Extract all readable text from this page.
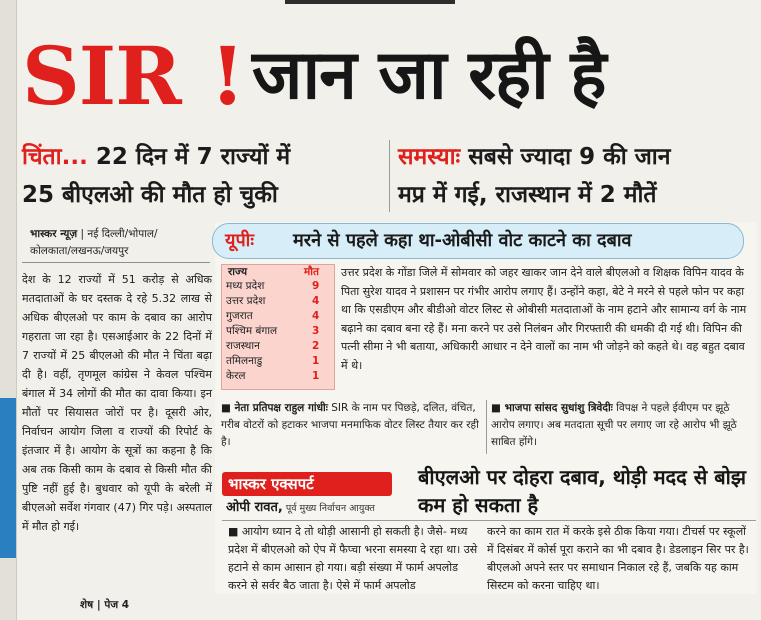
SIR ! जान जा रही है
चिंता... 22 दिन में 7 राज्यों में
25 बीएलओ की मौत हो चुकी
समस्याः सबसे ज्यादा 9 की जान
मप्र में गई, राजस्थान में 2 मौतें
भास्कर न्यूज़ | नई दिल्ली/भोपाल/
कोलकाता/लखनऊ/जयपुर
देश के 12 राज्यों में 51 करोड़ से अधिक मतदाताओं के घर दस्तक दे रहे 5.32 लाख से अधिक बीएलओ पर काम के दबाव का आरोप गहराता जा रहा है। एसआईआर के 22 दिनों में 7 राज्यों में 25 बीएलओ की मौत ने चिंता बढ़ा दी है। वहीं, तृणमूल कांग्रेस ने केवल पश्चिम बंगाल में 34 लोगों की मौत का दावा किया। इन मौतों पर सियासत जोरों पर है। दूसरी ओर, निर्वाचन आयोग जिला व राज्यों की रिपोर्ट के इंतजार में है। आयोग के सूत्रों का कहना है कि अब तक किसी काम के दबाव से किसी मौत की पुष्टि नहीं हुई है। बुधवार को यूपी के बरेली में बीएलओ सर्वेश गंगवार (47) गिर पड़े। अस्पताल में मौत हो गई।
शेष | पेज 4
यूपीः मरने से पहले कहा था-ओबीसी वोट काटने का दबाव
राज्य	मौत
मध्य प्रदेश	9
उत्तर प्रदेश	4
गुजरात	4
पश्चिम बंगाल	3
राजस्थान	2
तमिलनाडु	1
केरल	1
उत्तर प्रदेश के गोंडा जिले में सोमवार को जहर खाकर जान देने वाले बीएलओ व शिक्षक विपिन यादव के पिता सुरेश यादव ने प्रशासन पर गंभीर आरोप लगाए हैं। उन्होंने कहा, बेटे ने मरने से पहले फोन पर कहा था कि एसडीएम और बीडीओ वोटर लिस्ट से ओबीसी मतदाताओं के नाम हटाने और सामान्य वर्ग के नाम बढ़ाने का दबाव बना रहे हैं। मना करने पर उसे निलंबन और गिरफ्तारी की धमकी दी गई थी। विपिन की पत्नी सीमा ने भी बताया, अधिकारी आधार न देने वालों का नाम भी जोड़ने को कहते थे। वह बहुत दबाव में थे।
■ नेता प्रतिपक्ष राहुल गांधीः SIR के नाम पर पिछड़े, दलित, वंचित, गरीब वोटरों को हटाकर भाजपा मनमाफिक वोटर लिस्ट तैयार कर रही है।
■ भाजपा सांसद सुधांशु त्रिवेदीः विपक्ष ने पहले ईवीएम पर झूठे आरोप लगाए। अब मतदाता सूची पर लगाए जा रहे आरोप भी झूठे साबित होंगे।
भास्कर एक्सपर्ट
ओपी रावत, पूर्व मुख्य निर्वाचन आयुक्त
बीएलओ पर दोहरा दबाव, थोड़ी मदद से बोझ कम हो सकता है
■ आयोग ध्यान दे तो थोड़ी आसानी हो सकती है। जैसे- मध्य प्रदेश में बीएलओ को ऐप में फैप्चा भरना समस्या दे रहा था। उसे हटाने से काम आसान हो गया। बड़ी संख्या में फार्म अपलोड करने से सर्वर बैठ जाता है। ऐसे में फार्म अपलोड
करने का काम रात में करके इसे ठीक किया गया। टीचर्स पर स्कूलों में दिसंबर में कोर्स पूरा कराने का भी दबाव है। डेडलाइन सिर पर है। बीएलओ अपने स्तर पर समाधान निकाल रहे हैं, जबकि यह काम सिस्टम को करना चाहिए था।
